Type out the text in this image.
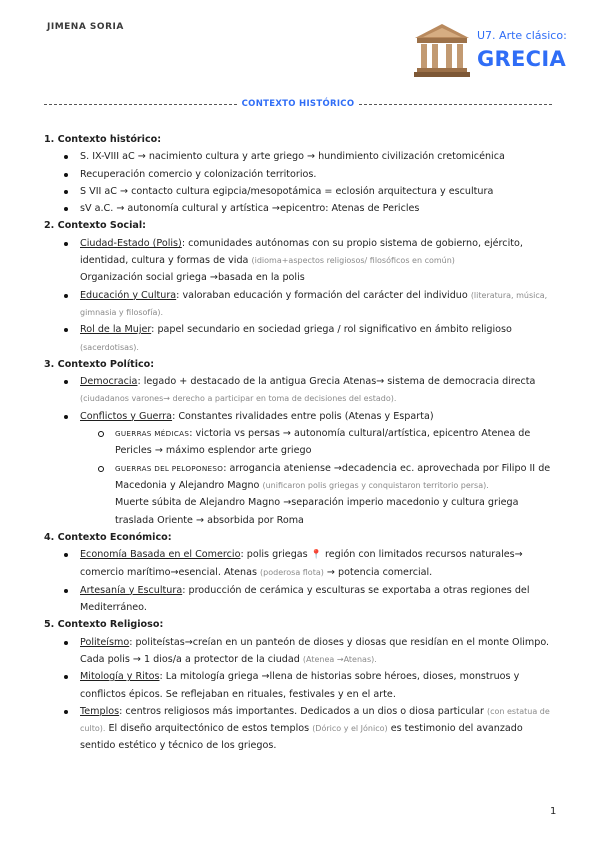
JIMENA SORIA
U7. Arte clásico:
GRECIA
CONTEXTO HISTÓRICO
1. Contexto histórico:
S. IX-VIII aC → nacimiento cultura y arte griego → hundimiento civilización cretomicénica
Recuperación comercio y colonización territorios.
S VII aC → contacto cultura egipcia/mesopotámica = eclosión arquitectura y escultura
sV a.C. → autonomía cultural y artística →epicentro: Atenas de Pericles
2. Contexto Social:
Ciudad-Estado (Polis): comunidades autónomas con su propio sistema de gobierno, ejército, identidad, cultura y formas de vida (idioma+aspectos religiosos/ filosóficos en común)
Organización social griega →basada en la polis
Educación y Cultura: valoraban educación y formación del carácter del individuo (literatura, música, gimnasia y filosofía).
Rol de la Mujer: papel secundario en sociedad griega / rol significativo en ámbito religioso (sacerdotisas).
3. Contexto Político:
Democracia: legado + destacado de la antigua Grecia Atenas→ sistema de democracia directa (ciudadanos varones→ derecho a participar en toma de decisiones del estado).
Conflictos y Guerra: Constantes rivalidades entre polis (Atenas y Esparta)
GUERRAS MÉDICAS: victoria vs persas → autonomía cultural/artística, epicentro Atenea de Pericles → máximo esplendor arte griego
GUERRAS DEL PELOPONESO: arrogancia ateniense →decadencia ec. aprovechada por Filipo II de Macedonia y Alejandro Magno (unificaron polis griegas y conquistaron territorio persa).
Muerte súbita de Alejandro Magno →separación imperio macedonio y cultura griega traslada Oriente → absorbida por Roma
4. Contexto Económico:
Economía Basada en el Comercio: polis griegas 📍 región con limitados recursos naturales→ comercio marítimo→esencial. Atenas (poderosa flota) → potencia comercial.
Artesanía y Escultura: producción de cerámica y esculturas se exportaba a otras regiones del Mediterráneo.
5. Contexto Religioso:
Politeísmo: politeístas→creían en un panteón de dioses y diosas que residían en el monte Olimpo. Cada polis → 1 dios/a a protector de la ciudad (Atenea →Atenas).
Mitología y Ritos: La mitología griega →llena de historias sobre héroes, dioses, monstruos y conflictos épicos. Se reflejaban en rituales, festivales y en el arte.
Templos: centros religiosos más importantes. Dedicados a un dios o diosa particular (con estatua de culto). El diseño arquitectónico de estos templos (Dórico y el Jónico) es testimonio del avanzado sentido estético y técnico de los griegos.
1
